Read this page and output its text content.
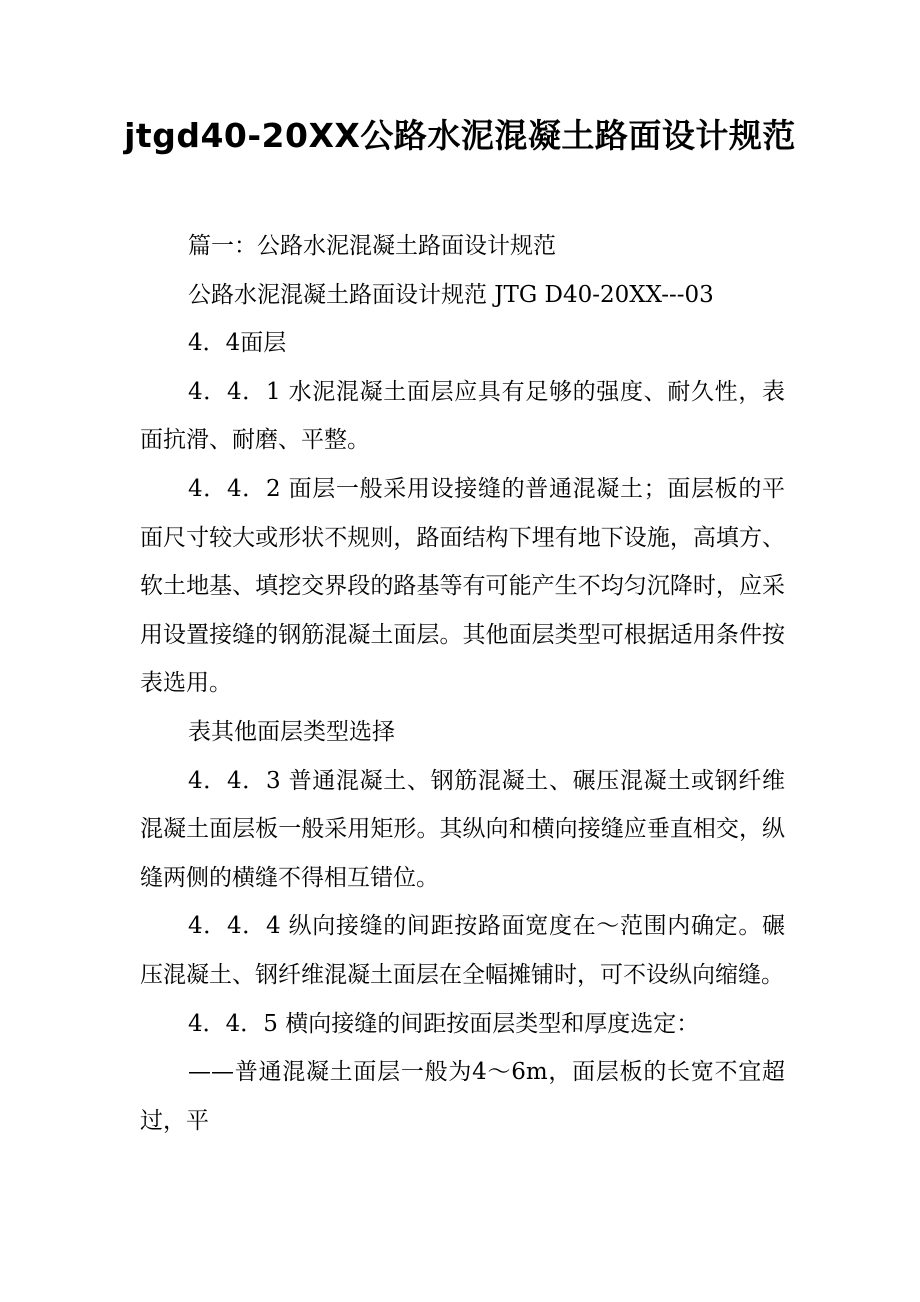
jtgd40-20XX公路水泥混凝土路面设计规范

篇一：公路水泥混凝土路面设计规范

公路水泥混凝土路面设计规范 JTG D40-20XX---03

4．4面层

4．4．1 水泥混凝土面层应具有足够的强度、耐久性，表面抗滑、耐磨、平整。

4．4．2 面层一般采用设接缝的普通混凝土；面层板的平面尺寸较大或形状不规则，路面结构下埋有地下设施，高填方、软土地基、填挖交界段的路基等有可能产生不均匀沉降时，应采用设置接缝的钢筋混凝土面层。其他面层类型可根据适用条件按表选用。

表其他面层类型选择

4．4．3 普通混凝土、钢筋混凝土、碾压混凝土或钢纤维混凝土面层板一般采用矩形。其纵向和横向接缝应垂直相交，纵缝两侧的横缝不得相互错位。

4．4．4 纵向接缝的间距按路面宽度在～范围内确定。碾压混凝土、钢纤维混凝土面层在全幅摊铺时，可不设纵向缩缝。

4．4．5 横向接缝的间距按面层类型和厚度选定：

——普通混凝土面层一般为4～6m，面层板的长宽不宜超过，平
